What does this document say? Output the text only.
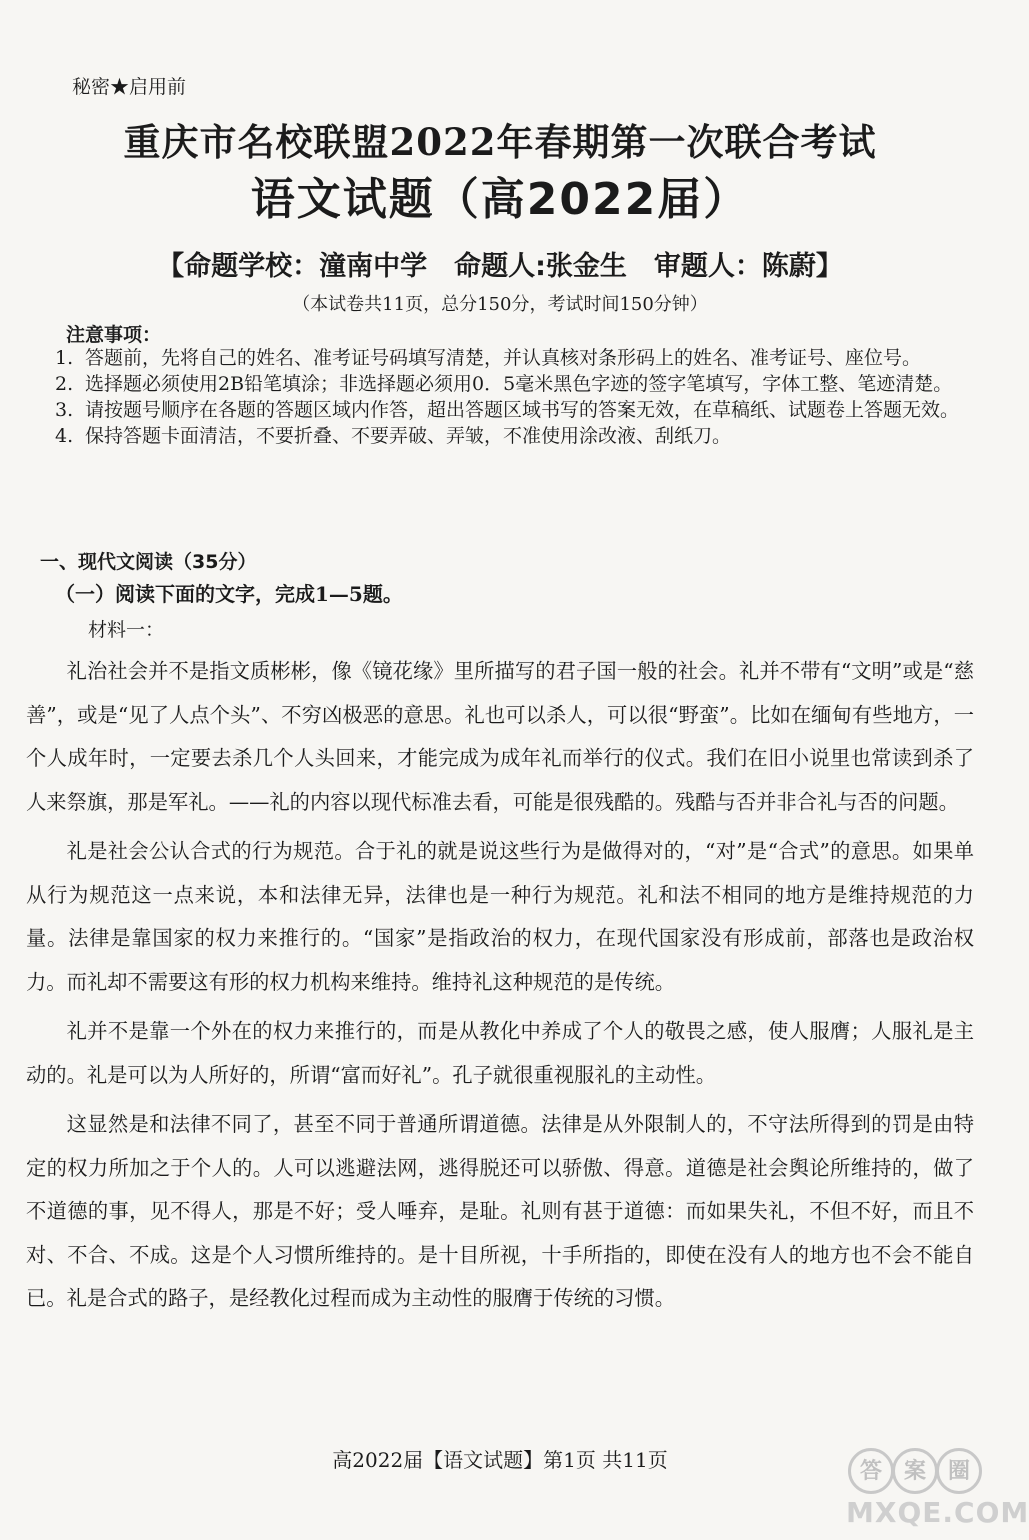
秘密★启用前
重庆市名校联盟2022年春期第一次联合考试
语文试题（高2022届）
【命题学校：潼南中学　命题人:张金生　审题人：陈蔚】
（本试卷共11页，总分150分，考试时间150分钟）
注意事项：
1. 答题前，先将自己的姓名、准考证号码填写清楚，并认真核对条形码上的姓名、准考证号、座位号。
2. 选择题必须使用2B铅笔填涂；非选择题必须用0．5毫米黑色字迹的签字笔填写，字体工整、笔迹清楚。
3. 请按题号顺序在各题的答题区域内作答，超出答题区域书写的答案无效，在草稿纸、试题卷上答题无效。
4. 保持答题卡面清洁，不要折叠、不要弄破、弄皱，不准使用涂改液、刮纸刀。
一、现代文阅读（35分）
（一）阅读下面的文字，完成1—5题。
材料一：

礼治社会并不是指文质彬彬，像《镜花缘》里所描写的君子国一般的社会。礼并不带有“文明”或是“慈善”，或是“见了人点个头”、不穷凶极恶的意思。礼也可以杀人，可以很“野蛮”。比如在缅甸有些地方，一个人成年时，一定要去杀几个人头回来，才能完成为成年礼而举行的仪式。我们在旧小说里也常读到杀了人来祭旗，那是军礼。——礼的内容以现代标准去看，可能是很残酷的。残酷与否并非合礼与否的问题。

礼是社会公认合式的行为规范。合于礼的就是说这些行为是做得对的，“对”是“合式”的意思。如果单从行为规范这一点来说，本和法律无异，法律也是一种行为规范。礼和法不相同的地方是维持规范的力量。法律是靠国家的权力来推行的。“国家”是指政治的权力，在现代国家没有形成前，部落也是政治权力。而礼却不需要这有形的权力机构来维持。维持礼这种规范的是传统。

礼并不是靠一个外在的权力来推行的，而是从教化中养成了个人的敬畏之感，使人服膺；人服礼是主动的。礼是可以为人所好的，所谓“富而好礼”。孔子就很重视服礼的主动性。

这显然是和法律不同了，甚至不同于普通所谓道德。法律是从外限制人的，不守法所得到的罚是由特定的权力所加之于个人的。人可以逃避法网，逃得脱还可以骄傲、得意。道德是社会舆论所维持的，做了不道德的事，见不得人，那是不好；受人唾弃，是耻。礼则有甚于道德：而如果失礼，不但不好，而且不对、不合、不成。这是个人习惯所维持的。是十目所视，十手所指的，即使在没有人的地方也不会不能自已。礼是合式的路子，是经教化过程而成为主动性的服膺于传统的习惯。

高2022届【语文试题】第1页 共11页	答 案 圈
MXQE.COM
